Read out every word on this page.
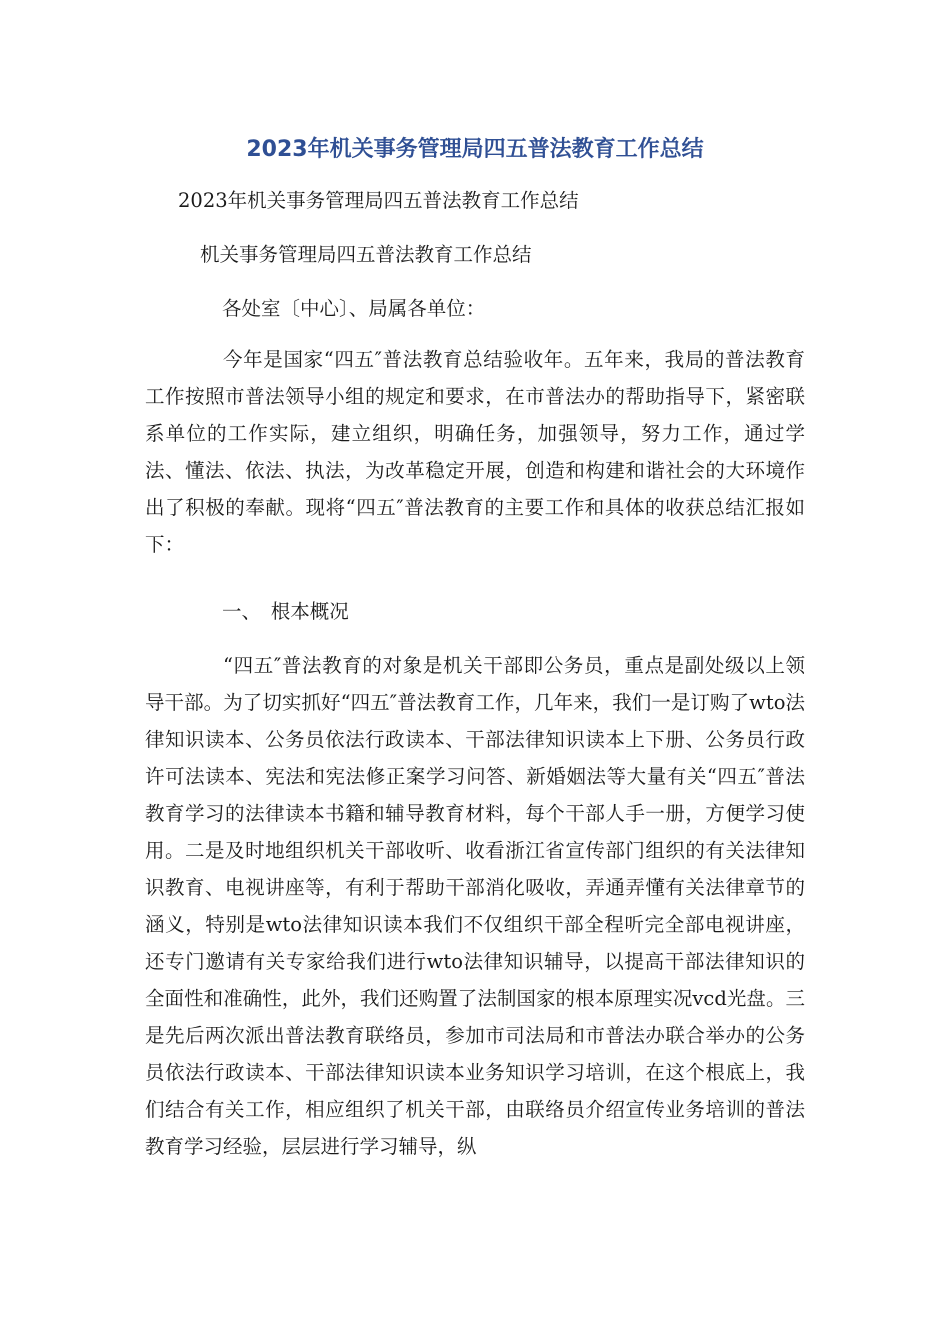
2023年机关事务管理局四五普法教育工作总结
2023年机关事务管理局四五普法教育工作总结
机关事务管理局四五普法教育工作总结
各处室〔中心〕、局属各单位：

今年是国家“四五″普法教育总结验收年。五年来，我局的普法教育工作按照市普法领导小组的规定和要求，在市普法办的帮助指导下，紧密联系单位的工作实际，建立组织，明确任务，加强领导，努力工作，通过学法、懂法、依法、执法，为改革稳定开展，创造和构建和谐社会的大环境作出了积极的奉献。现将“四五″普法教育的主要工作和具体的收获总结汇报如下：

一、　根本概况

“四五″普法教育的对象是机关干部即公务员，重点是副处级以上领导干部。为了切实抓好“四五″普法教育工作，几年来，我们一是订购了wto法律知识读本、公务员依法行政读本、干部法律知识读本上下册、公务员行政许可法读本、宪法和宪法修正案学习问答、新婚姻法等大量有关“四五″普法教育学习的法律读本书籍和辅导教育材料，每个干部人手一册，方便学习使用。二是及时地组织机关干部收听、收看浙江省宣传部门组织的有关法律知识教育、电视讲座等，有利于帮助干部消化吸收，弄通弄懂有关法律章节的涵义，特别是wto法律知识读本我们不仅组织干部全程听完全部电视讲座，还专门邀请有关专家给我们进行wto法律知识辅导，以提高干部法律知识的全面性和准确性，此外，我们还购置了法制国家的根本原理实况vcd光盘。三是先后两次派出普法教育联络员，参加市司法局和市普法办联合举办的公务员依法行政读本、干部法律知识读本业务知识学习培训，在这个根底上，我们结合有关工作，相应组织了机关干部，由联络员介绍宣传业务培训的普法教育学习经验，层层进行学习辅导，纵
